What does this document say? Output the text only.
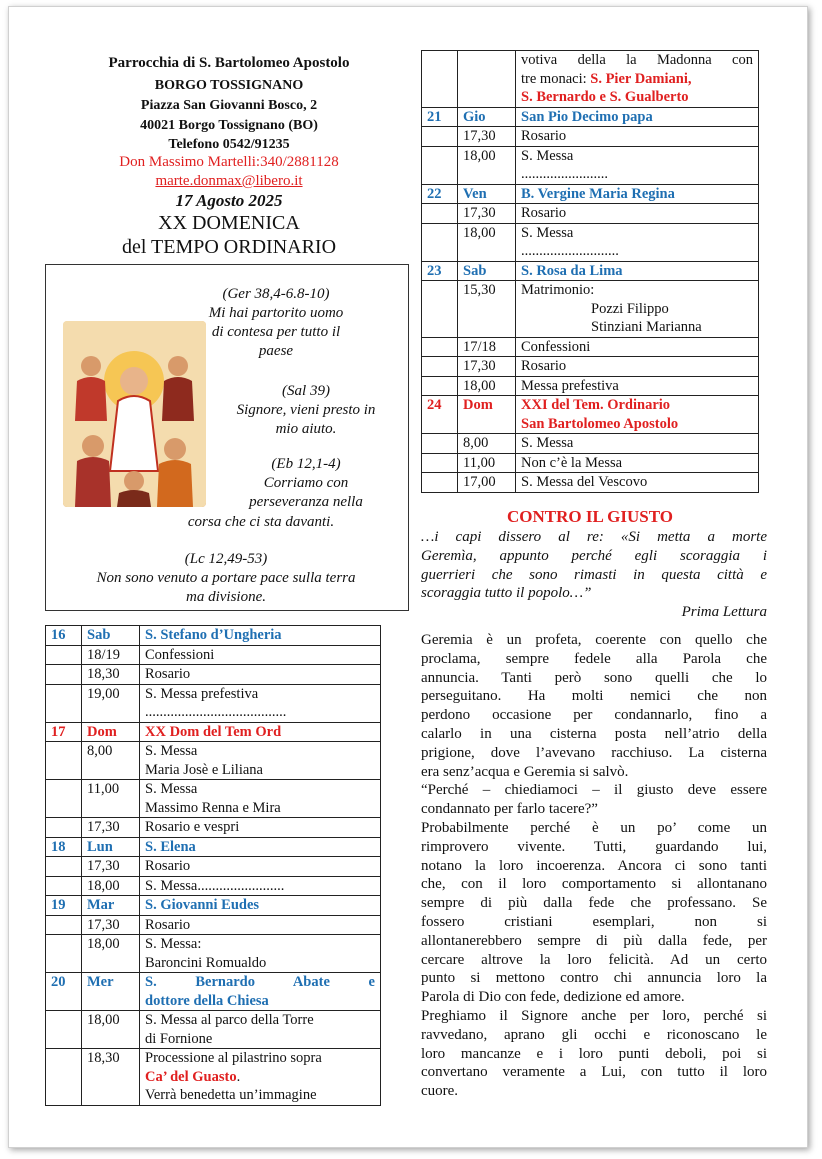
Parrocchia di S. Bartolomeo Apostolo
BORGO TOSSIGNANO
Piazza San Giovanni Bosco, 2
40021 Borgo Tossignano (BO)
Telefono 0542/91235
Don Massimo Martelli:340/2881128
marte.donmax@libero.it
17 Agosto 2025
XX DOMENICA
del TEMPO ORDINARIO
(Ger 38,4-6.8-10)
Mi hai partorito uomo
di contesa per tutto il
paese
(Sal 39)
Signore, vieni presto in
mio aiuto.
(Eb 12,1-4)
Corriamo con
perseveranza nella
corsa che ci sta davanti.
(Lc 12,49-53)
Non sono venuto a portare pace sulla terra
ma divisione.
16	Sab	S. Stefano d’Ungheria
	18/19	Confessioni
	18,30	Rosario
	19,00	S. Messa prefestiva
.......................................

17	Dom	XX Dom del Tem Ord
	8,00	S. Messa
Maria Josè e Liliana

	11,00	S. Messa
Massimo Renna e Mira

	17,30	Rosario e vespri
18	Lun	S. Elena
	17,30	Rosario
	18,00	S. Messa........................
19	Mar	S. Giovanni Eudes
	17,30	Rosario
	18,00	S. Messa:
Baroncini Romualdo

20	Mer	S. Bernardo Abate e
dottore della Chiesa

	18,00	S. Messa al parco della Torre
di Fornione

	18,30	Processione al pilastrino sopra
Ca’ del Guasto.
Verrà benedetta un’immagine

		votiva della la Madonna con
tre monaci: S. Pier Damiani,
S. Bernardo e S. Gualberto

21	Gio	San Pio Decimo papa
	17,30	Rosario
	18,00	S. Messa
........................

22	Ven	B. Vergine Maria Regina
	17,30	Rosario
	18,00	S. Messa
...........................

23	Sab	S. Rosa da Lima
	15,30	Matrimonio:
Pozzi Filippo
Stinziani Marianna

	17/18	Confessioni
	17,30	Rosario
	18,00	Messa prefestiva
24	Dom	XXI del Tem. Ordinario
San Bartolomeo Apostolo

	8,00	S. Messa
	11,00	Non c’è la Messa
	17,00	S. Messa del Vescovo
CONTRO IL GIUSTO
…i capi dissero al re: «Si metta a morte
Geremìa, appunto perché egli scoraggia i
guerrieri che sono rimasti in questa città e
scoraggia tutto il popolo…”
Prima Lettura
Geremia è un profeta, coerente con quello che
proclama, sempre fedele alla Parola che
annuncia. Tanti però sono quelli che lo
perseguitano. Ha molti nemici che non
perdono occasione per condannarlo, fino a
calarlo in una cisterna posta nell’atrio della
prigione, dove l’avevano racchiuso. La cisterna
era senz’acqua e Geremia si salvò.
“Perché – chiediamoci – il giusto deve essere
condannato per farlo tacere?”
Probabilmente perché è un po’ come un
rimprovero vivente. Tutti, guardando lui,
notano la loro incoerenza. Ancora ci sono tanti
che, con il loro comportamento si allontanano
sempre di più dalla fede che professano. Se
fossero cristiani esemplari, non si
allontanerebbero sempre di più dalla fede, per
cercare altrove la loro felicità. Ad un certo
punto si mettono contro chi annuncia loro la
Parola di Dio con fede, dedizione ed amore.
Preghiamo il Signore anche per loro, perché si
ravvedano, aprano gli occhi e riconoscano le
loro mancanze e i loro punti deboli, poi si
convertano veramente a Lui, con tutto il loro
cuore.
